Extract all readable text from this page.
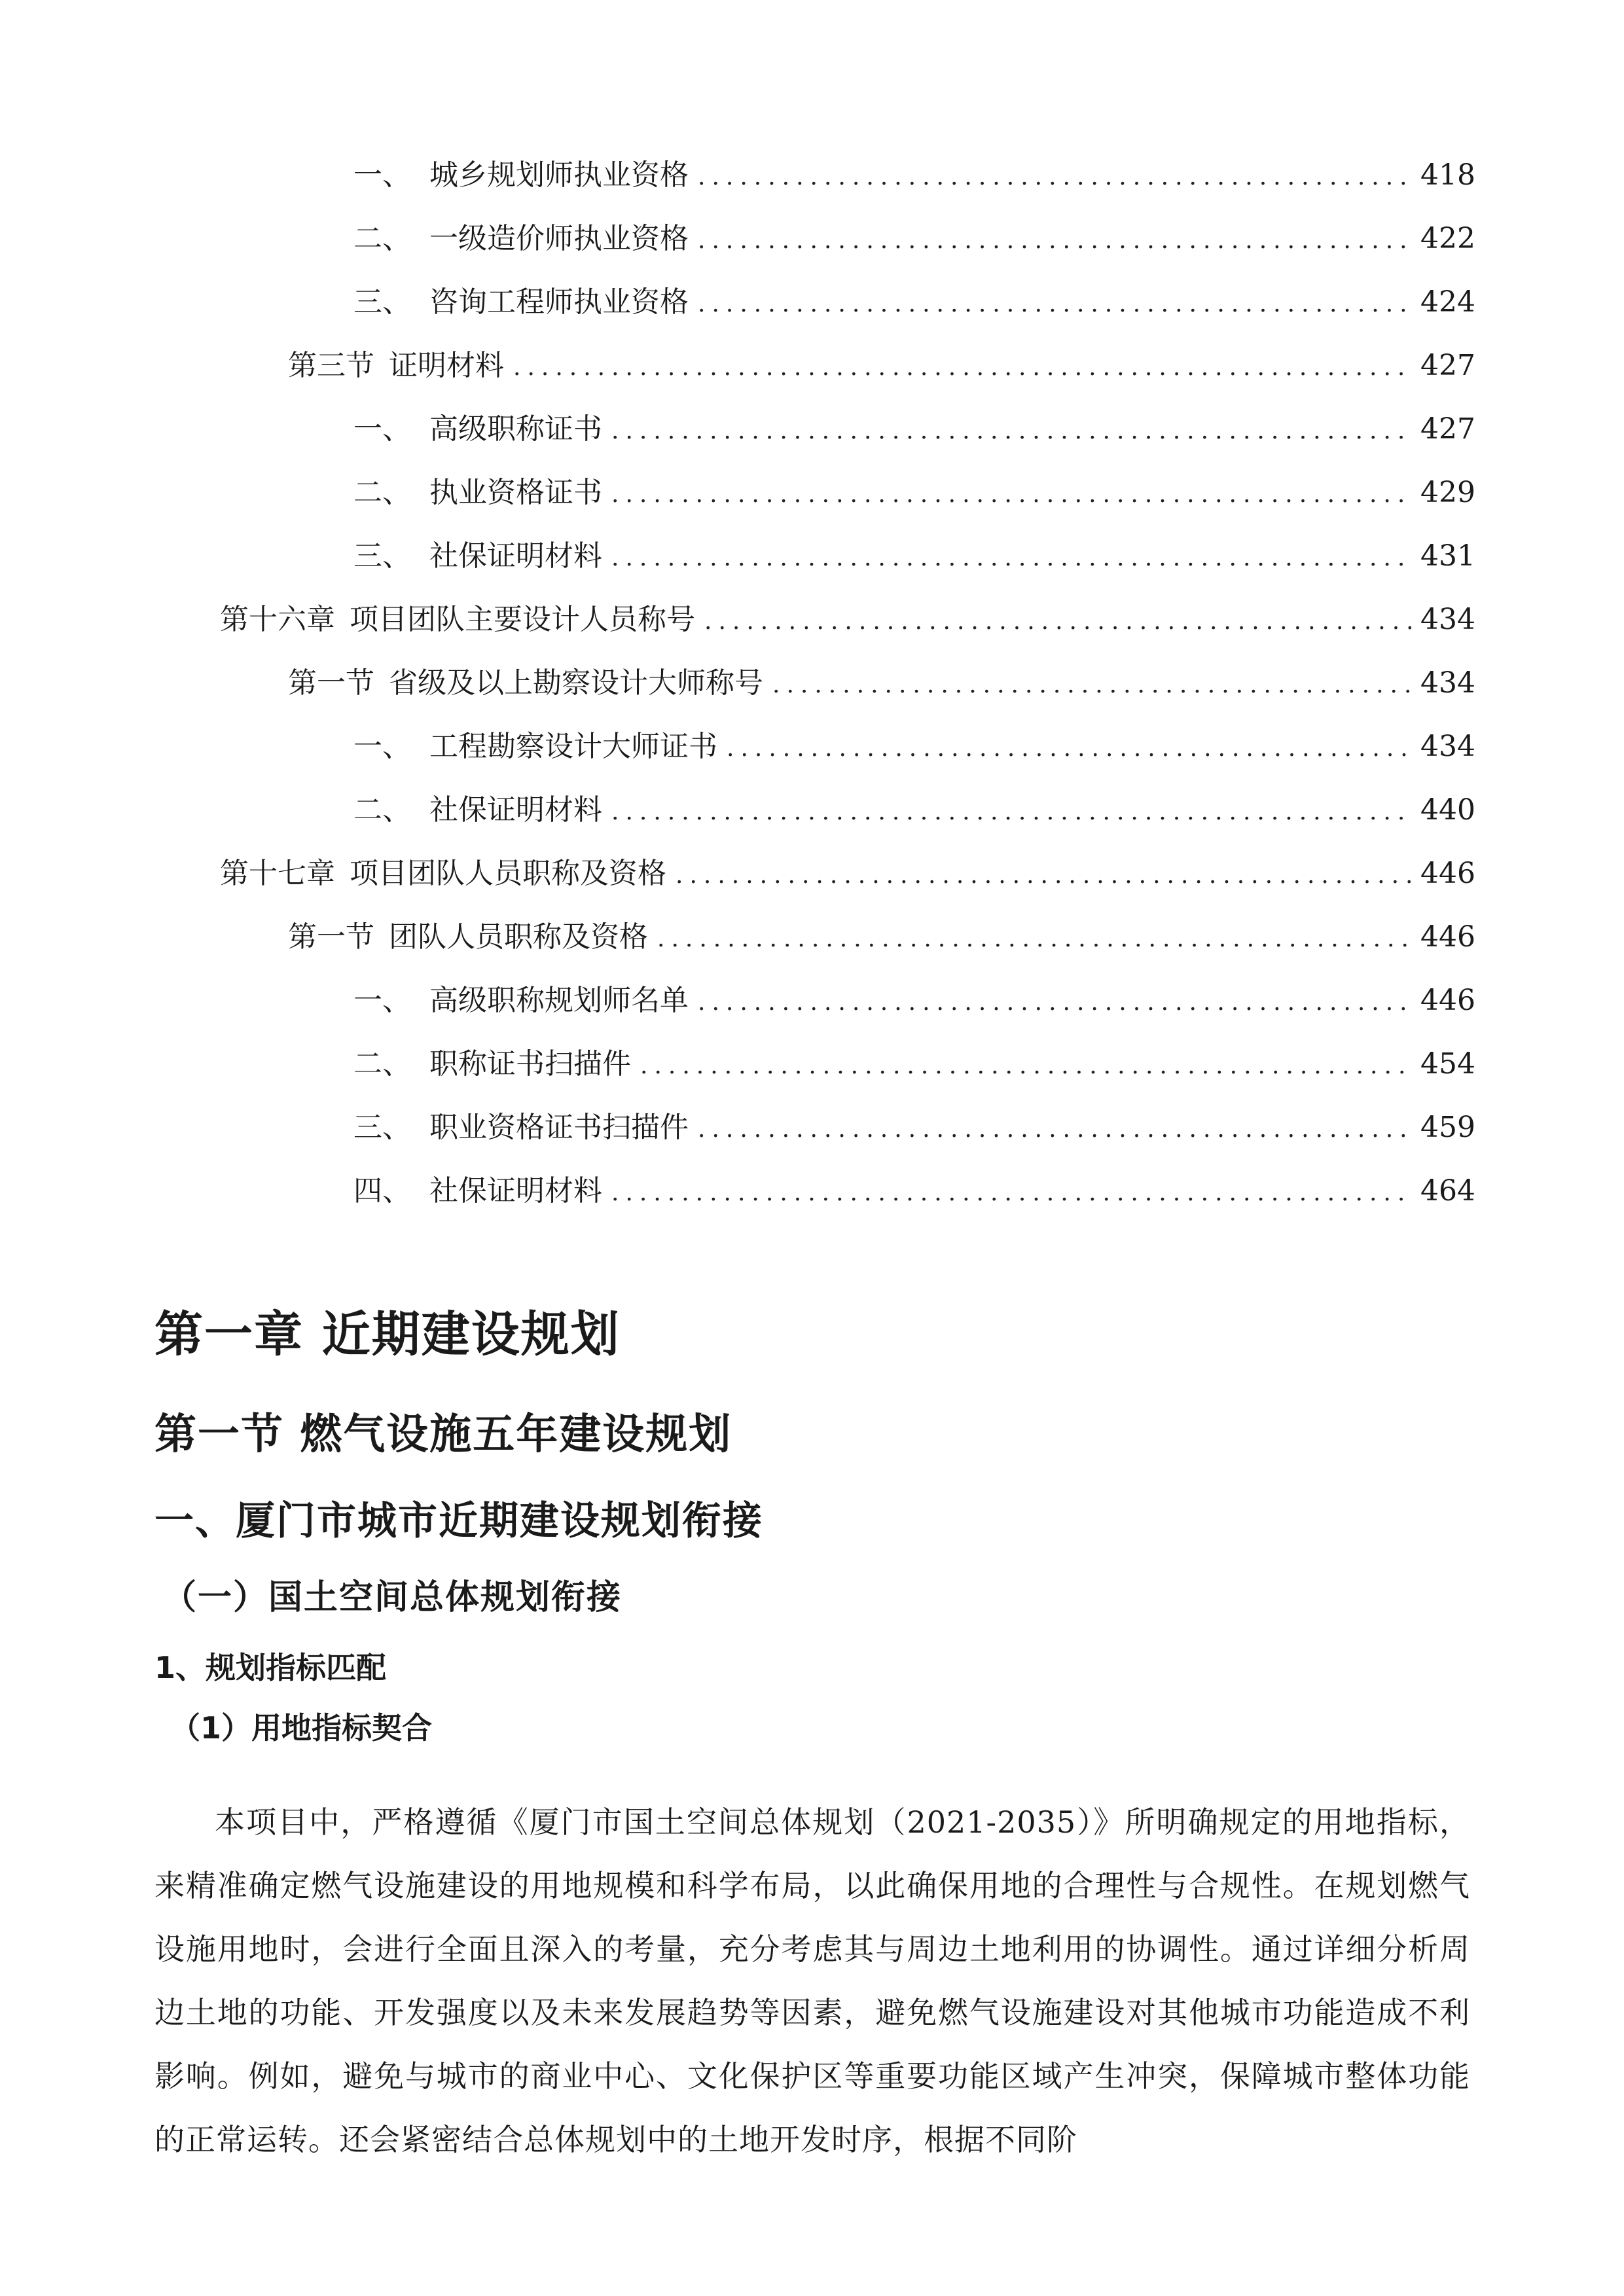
一、 城乡规划师执业资格 .....	418
二、 一级造价师执业资格 .....	422
三、 咨询工程师执业资格 .....	424
第三节 证明材料 .....	427
一、 高级职称证书 .....	427
二、 执业资格证书 .....	429
三、 社保证明材料 .....	431
第十六章 项目团队主要设计人员称号 .....	434
第一节 省级及以上勘察设计大师称号 .....	434
一、 工程勘察设计大师证书 .....	434
二、 社保证明材料 .....	440
第十七章 项目团队人员职称及资格 .....	446
第一节 团队人员职称及资格 .....	446
一、 高级职称规划师名单 .....	446
二、 职称证书扫描件 .....	454
三、 职业资格证书扫描件 .....	459
四、 社保证明材料 .....	464
第一章 近期建设规划
第一节 燃气设施五年建设规划
一、厦门市城市近期建设规划衔接
（一）国土空间总体规划衔接
1、规划指标匹配
（1）用地指标契合

本项目中，严格遵循《厦门市国土空间总体规划（2021-2035）》所明确规定的用地指标，来精准确定燃气设施建设的用地规模和科学布局，以此确保用地的合理性与合规性。在规划燃气设施用地时，会进行全面且深入的考量，充分考虑其与周边土地利用的协调性。通过详细分析周边土地的功能、开发强度以及未来发展趋势等因素，避免燃气设施建设对其他城市功能造成不利影响。例如，避免与城市的商业中心、文化保护区等重要功能区域产生冲突，保障城市整体功能的正常运转。还会紧密结合总体规划中的土地开发时序，根据不同阶
